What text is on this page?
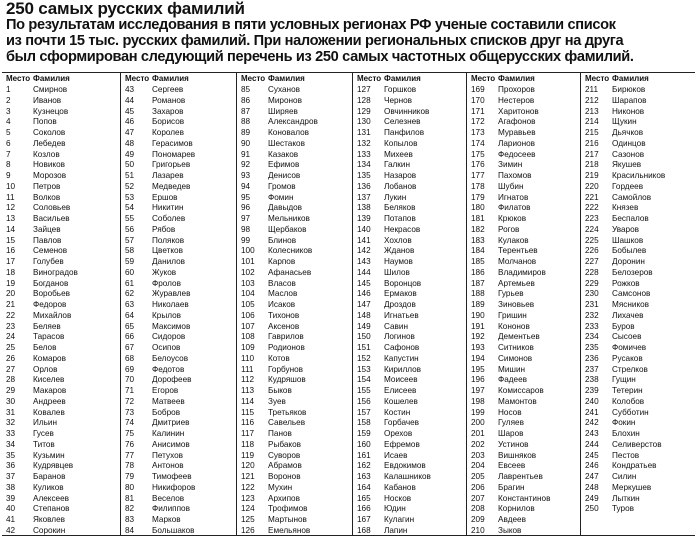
250 самых русских фамилий
По результатам исследования в пяти условных регионах РФ ученые составили список
из почти 15 тыс. русских фамилий. При наложении региональных списков друг на друга
был сформирован следующий перечень из 250 самых частотных общерусских фамилий.
Место Фамилия
1	Смирнов
2	Иванов
3	Кузнецов
4	Попов
5	Соколов
6	Лебедев
7	Козлов
8	Новиков
9	Морозов
10 Петров
11 Волков
12 Соловьев
13 Васильев
14 Зайцев
15 Павлов
16 Семенов
17 Голубев
18 Виноградов
19 Богданов
20 Воробьев
21 Федоров
22 Михайлов
23 Беляев
24 Тарасов
25 Белов
26 Комаров
27 Орлов
28 Киселев
29 Макаров
30 Андреев
31 Ковалев
32 Ильин
33 Гусев
34 Титов
35 Кузьмин
36 Кудрявцев
37 Баранов
38 Куликов
39 Алексеев
40 Степанов
41 Яковлев
42 Сорокин
Место Фамилия
43 Сергеев
44 Романов
45 Захаров
46 Борисов
47 Королев
48 Герасимов
49 Пономарев
50 Григорьев
51 Лазарев
52 Медведев
53 Ершов
54 Никитин
55 Соболев
56 Рябов
57 Поляков
58 Цветков
59 Данилов
60 Жуков
61 Фролов
62 Журавлев
63 Николаев
64 Крылов
65 Максимов
66 Сидоров
67 Осипов
68 Белоусов
69 Федотов
70 Дорофеев
71 Егоров
72 Матвеев
73 Бобров
74 Дмитриев
75 Калинин
76 Анисимов
77 Петухов
78 Антонов
79 Тимофеев
80 Никифоров
81 Веселов
82 Филиппов
83 Марков
84 Большаков
Место Фамилия
85 Суханов
86 Миронов
87 Ширяев
88 Александров
89 Коновалов
90 Шестаков
91 Казаков
92 Ефимов
93 Денисов
94 Громов
95 Фомин
96 Давыдов
97 Мельников
98 Щербаков
99 Блинов
100 Колесников
101 Карпов
102 Афанасьев
103 Власов
104 Маслов
105 Исаков
106 Тихонов
107 Аксенов
108 Гаврилов
109 Родионов
110 Котов
111 Горбунов
112 Кудряшов
113 Быков
114 Зуев
115 Третьяков
116 Савельев
117 Панов
118 Рыбаков
119 Суворов
120 Абрамов
121 Воронов
122 Мухин
123 Архипов
124 Трофимов
125 Мартынов
126 Емельянов
Место Фамилия
127 Горшков
128 Чернов
129 Овчинников
130 Селезнев
131 Панфилов
132 Копылов
133 Михеев
134 Галкин
135 Назаров
136 Лобанов
137 Лукин
138 Беляков
139 Потапов
140 Некрасов
141 Хохлов
142 Жданов
143 Наумов
144 Шилов
145 Воронцов
146 Ермаков
147 Дроздов
148 Игнатьев
149 Савин
150 Логинов
151 Сафонов
152 Капустин
153 Кириллов
154 Моисеев
155 Елисеев
156 Кошелев
157 Костин
158 Горбачев
159 Орехов
160 Ефремов
161 Исаев
162 Евдокимов
163 Калашников
164 Кабанов
165 Носков
166 Юдин
167 Кулагин
168 Лапин
Место Фамилия
169 Прохоров
170 Нестеров
171 Харитонов
172 Агафонов
173 Муравьев
174 Ларионов
175 Федосеев
176 Зимин
177 Пахомов
178 Шубин
179 Игнатов
180 Филатов
181 Крюков
182 Рогов
183 Кулаков
184 Терентьев
185 Молчанов
186 Владимиров
187 Артемьев
188 Гурьев
189 Зиновьев
190 Гришин
191 Кононов
192 Дементьев
193 Ситников
194 Симонов
195 Мишин
196 Фадеев
197 Комиссаров
198 Мамонтов
199 Носов
200 Гуляев
201 Шаров
202 Устинов
203 Вишняков
204 Евсеев
205 Лаврентьев
206 Брагин
207 Константинов
208 Корнилов
209 Авдеев
210 Зыков
Место Фамилия
211 Бирюков
212 Шарапов
213 Никонов
214 Щукин
215 Дьячков
216 Одинцов
217 Сазонов
218 Якушев
219 Красильников
220 Гордеев
221 Самойлов
222 Князев
223 Беспалов
224 Уваров
225 Шашков
226 Бобылев
227 Доронин
228 Белозеров
229 Рожков
230 Самсонов
231 Мясников
232 Лихачев
233 Буров
234 Сысоев
235 Фомичев
236 Русаков
237 Стрелков
238 Гущин
239 Тетерин
240 Колобов
241 Субботин
242 Фокин
243 Блохин
244 Селиверстов
245 Пестов
246 Кондратьев
247 Силин
248 Меркушев
249 Лыткин
250 Туров
